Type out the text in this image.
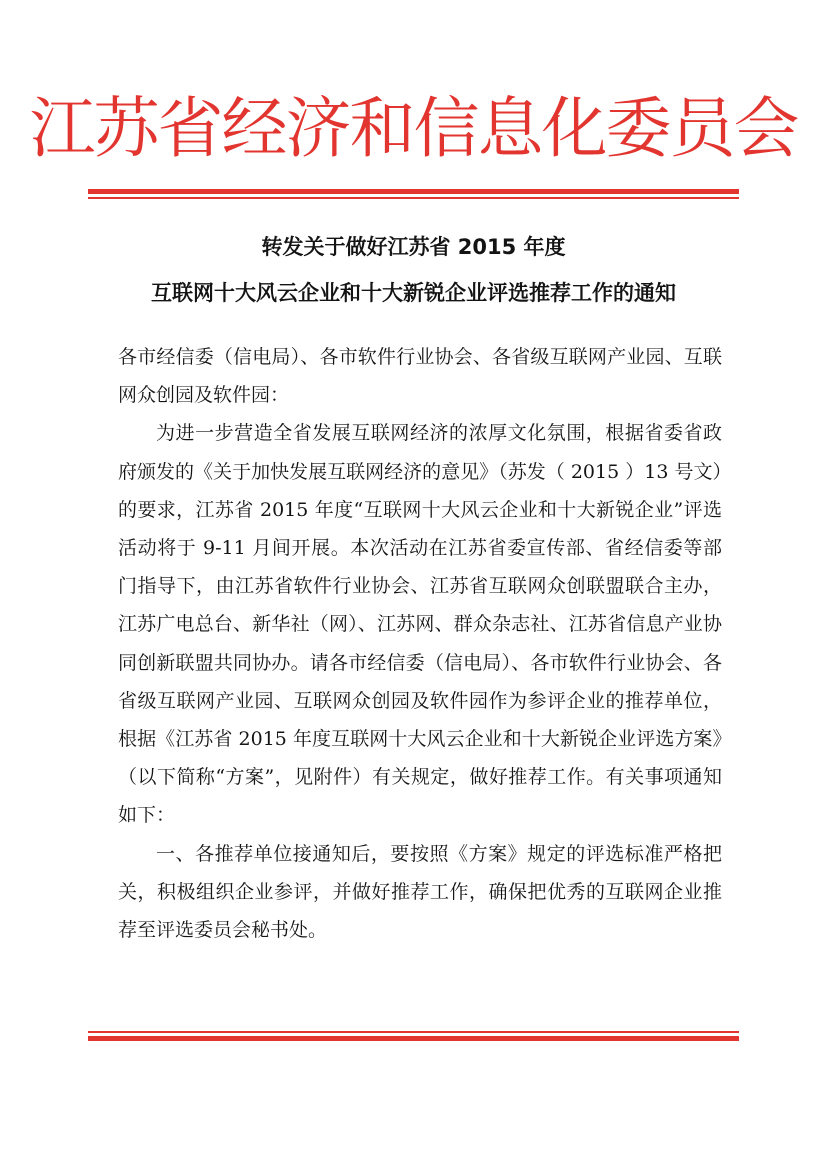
江苏省经济和信息化委员会
转发关于做好江苏省 2015 年度
互联网十大风云企业和十大新锐企业评选推荐工作的通知

各市经信委（信电局）、各市软件行业协会、各省级互联网产业园、互联网众创园及软件园：

为进一步营造全省发展互联网经济的浓厚文化氛围，根据省委省政府颁发的《关于加快发展互联网经济的意见》（苏发（ 2015 ）13 号文）的要求，江苏省 2015 年度“互联网十大风云企业和十大新锐企业”评选活动将于 9-11 月间开展。本次活动在江苏省委宣传部、省经信委等部门指导下，由江苏省软件行业协会、江苏省互联网众创联盟联合主办，江苏广电总台、新华社（网）、江苏网、群众杂志社、江苏省信息产业协同创新联盟共同协办。请各市经信委（信电局）、各市软件行业协会、各省级互联网产业园、互联网众创园及软件园作为参评企业的推荐单位，根据《江苏省 2015 年度互联网十大风云企业和十大新锐企业评选方案》（以下简称“方案”，见附件）有关规定，做好推荐工作。有关事项通知如下：

一、各推荐单位接通知后，要按照《方案》规定的评选标准严格把关，积极组织企业参评，并做好推荐工作，确保把优秀的互联网企业推荐至评选委员会秘书处。
